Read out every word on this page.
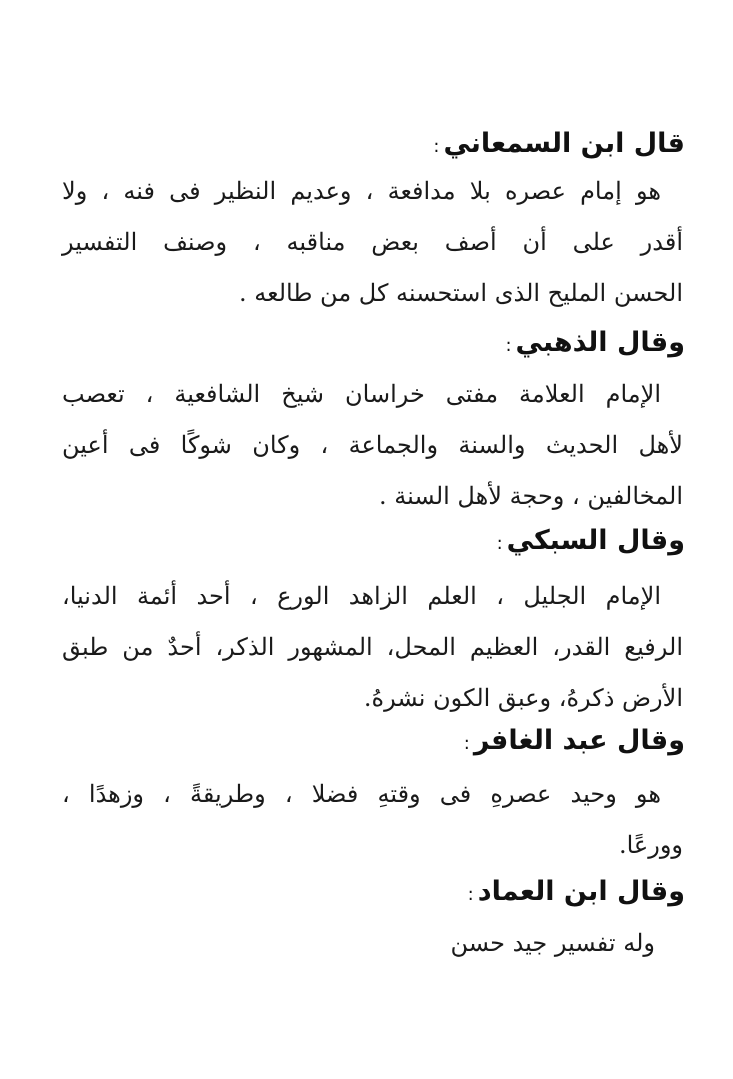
قال ابن السمعاني:
هو إمام عصره بلا مدافعة ، وعديم النظير فى فنه ، ولا
أقدر على أن أصف بعض مناقبه ، وصنف التفسير
الحسن المليح الذى استحسنه كل من طالعه .
وقال الذهبي:
الإمام العلامة مفتى خراسان شيخ الشافعية ، تعصب
لأهل الحديث والسنة والجماعة ، وكان شوكًا فى أعين
المخالفين ، وحجة لأهل السنة .
وقال السبكي:
الإمام الجليل ، العلم الزاهد الورع ، أحد أئمة الدنيا،
الرفيع القدر، العظيم المحل، المشهور الذكر، أحدٌ من طبق
الأرض ذكرهُ، وعبق الكون نشرهُ.
وقال عبد الغافر:
هو وحيد عصرهِ فى وقتهِ فضلا ، وطريقةً ، وزهدًا ،
وورعًا.
وقال ابن العماد:
وله تفسير جيد حسن
